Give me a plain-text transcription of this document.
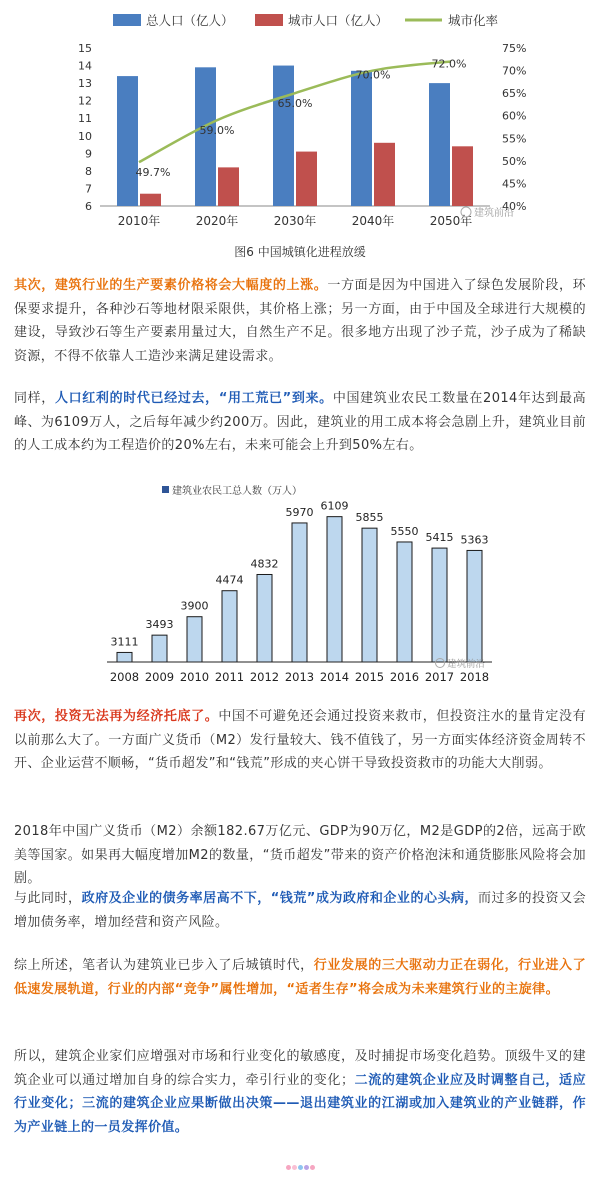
总人口（亿人）	城市人口（亿人）	城市化率
6
7
8
9
10
11
12
13
14
15
40%
45%
50%
55%
60%
65%
70%
75%
2010年	2020年	2030年	2040年	2050年
49.7%
59.0%
65.0%
70.0%
72.0%
建筑前沿
图6 中国城镇化进程放缓

其次，建筑行业的生产要素价格将会大幅度的上涨。一方面是因为中国进入了绿色发展阶段，环保要求提升，各种沙石等地材限采限供，其价格上涨；另一方面，由于中国及全球进行大规模的建设，导致沙石等生产要素用量过大，自然生产不足。很多地方出现了沙子荒，沙子成为了稀缺资源，不得不依靠人工造沙来满足建设需求。

同样，人口红利的时代已经过去，“用工荒已”到来。中国建筑业农民工数量在2014年达到最高峰、为6109万人，之后每年减少约200万。因此，建筑业的用工成本将会急剧上升，建筑业目前的人工成本约为工程造价的20%左右，未来可能会上升到50%左右。

建筑业农民工总人数（万人）
3111
3493
3900
4474
4832
5970 6109
5855
5550 5415 5363
2008 2009 2010 2011 2012 2013 2014 2015 2016 2017 2018
建筑前沿

再次，投资无法再为经济托底了。中国不可避免还会通过投资来救市，但投资注水的量肯定没有以前那么大了。一方面广义货币（M2）发行量较大、钱不值钱了，另一方面实体经济资金周转不开、企业运营不顺畅，“货币超发”和“钱荒”形成的夹心饼干导致投资救市的功能大大削弱。

2018年中国广义货币（M2）余额182.67万亿元、GDP为90万亿，M2是GDP的2倍，远高于欧美等国家。如果再大幅度增加M2的数量，“货币超发”带来的资产价格泡沫和通货膨胀风险将会加剧。

与此同时，政府及企业的债务率居高不下，“钱荒”成为政府和企业的心头病，而过多的投资又会增加债务率，增加经营和资产风险。

综上所述，笔者认为建筑业已步入了后城镇时代，行业发展的三大驱动力正在弱化，行业进入了低速发展轨道，行业的内部“竞争”属性增加，“适者生存”将会成为未来建筑行业的主旋律。

所以，建筑企业家们应增强对市场和行业变化的敏感度，及时捕捉市场变化趋势。顶级牛叉的建筑企业可以通过增加自身的综合实力，牵引行业的变化；二流的建筑企业应及时调整自己，适应行业变化；三流的建筑企业应果断做出决策——退出建筑业的江湖或加入建筑业的产业链群，作为产业链上的一员发挥价值。
